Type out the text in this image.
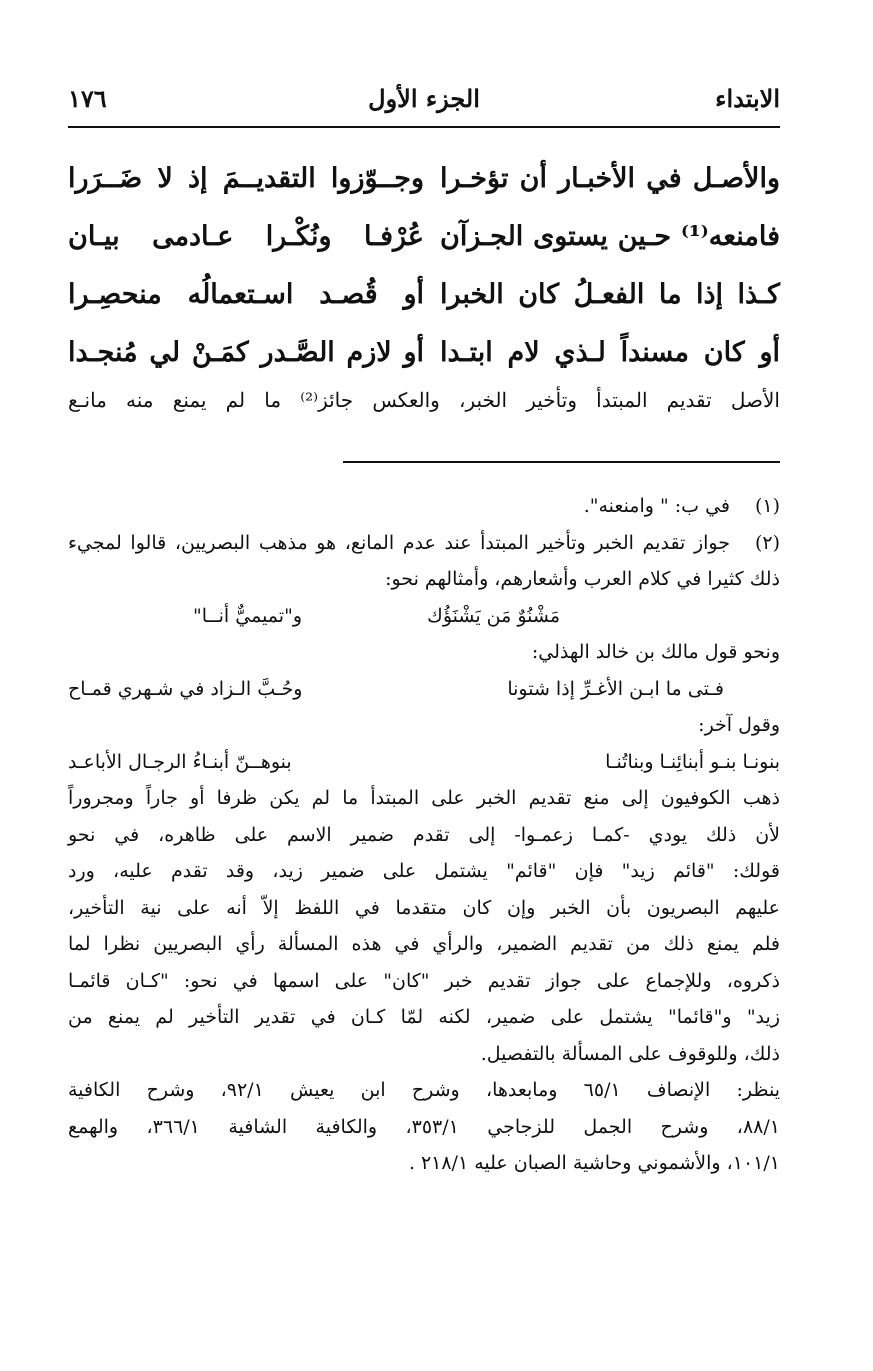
الابتداء
الجزء الأول
١٧٦
والأصـل في الأخبـار أن تؤخـرا
وجــوّزوا التقديــمَ إذ لا ضَــرَرا
فامنعه⁽¹⁾ حـين يستوى الجـزآن
عُرْفـا ونُكْـرا عـادمى بيـان
كـذا إذا ما الفعـلُ كان الخبرا
أو قُصـد اسـتعمالُه منحصِـرا
أو كان مسنداً لـذي لام ابتـدا
أو لازم الصَّـدر كمَـنْ لي مُنجـدا
الأصل تقديم المبتدأ وتأخير الخبر، والعكس جائز⁽²⁾ ما لم يمنع منه مانـع
(١)
في ب: " وامنعنه".
(٢)
جواز تقديم الخبر وتأخير المبتدأ عند عدم المانع، هو مذهب البصريين، قالوا لمجيء
ذلك كثيرا في كلام العرب وأشعارهم، وأمثالهم نحو:
مَشْنُوٌ مَن يَشْنَؤُك
و"تميميٌّ أنــا"
ونحو قول مالك بن خالد الهذلي:
فـتى ما ابـن الأغـرِّ إذا شتونا
وحُـبَّ الـزاد في شـهري قمـاح
وقول آخر:
بنونـا بنـو أبنائِنـا وبناتُنـا
بنوهــنّ أبنـاءُ الرجـال الأباعـد
ذهب الكوفيون إلى منع تقديم الخبر على المبتدأ ما لم يكن ظرفا أو جاراً ومجروراً
لأن ذلك يودي -كمـا زعمـوا- إلى تقدم ضمير الاسم على ظاهره، في نحو
قولك: "قائم زيد" فإن "قائم" يشتمل على ضمير زيد، وقد تقدم عليه، ورد
عليهم البصريون بأن الخبر وإن كان متقدما في اللفظ إلاّ أنه على نية التأخير،
فلم يمنع ذلك من تقديم الضمير، والرأي في هذه المسألة رأي البصريين نظرا لما
ذكروه، وللإجماع على جواز تقديم خبر "كان" على اسمها في نحو: "كـان قائمـا
زيد" و"قائما" يشتمل على ضمير، لكنه لمّا كـان في تقدير التأخير لم يمنع من
ذلك، وللوقوف على المسألة بالتفصيل.
ينظر: الإنصاف ٦٥/١ ومابعدها، وشرح ابن يعيش ٩٢/١، وشرح الكافية
٨٨/١، وشرح الجمل للزجاجي ٣٥٣/١، والكافية الشافية ٣٦٦/١، والهمع
١٠١/١، والأشموني وحاشية الصبان عليه ٢١٨/١ .
